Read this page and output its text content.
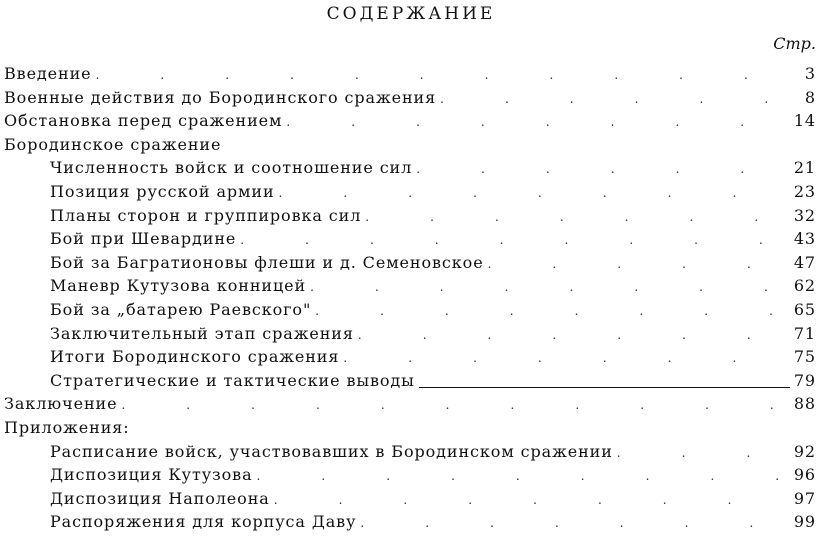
СОДЕРЖАНИЕ
Стр.
Введение .	3
Военные действия до Бородинского сражения .	8
Обстановка перед сражением .	14
Бородинское сражение
Численность войск и соотношение сил .	21
Позиция русской армии .	23
Планы сторон и группировка сил .	32
Бой при Шевардине .	43
Бой за Багратионовы флеши и д. Семеновское .	47
Маневр Кутузова конницей .	62
Бой за „батарею Раевского" .	65
Заключительный этап сражения .	71
Итоги Бородинского сражения .	75
Стратегические и тактические выводы	79
Заключение .	88
Приложения:
Расписание войск, участвовавших в Бородинском сражении .	92
Диспозиция Кутузова .	96
Диспозиция Наполеона .	97
Распоряжения для корпуса Даву .	99
